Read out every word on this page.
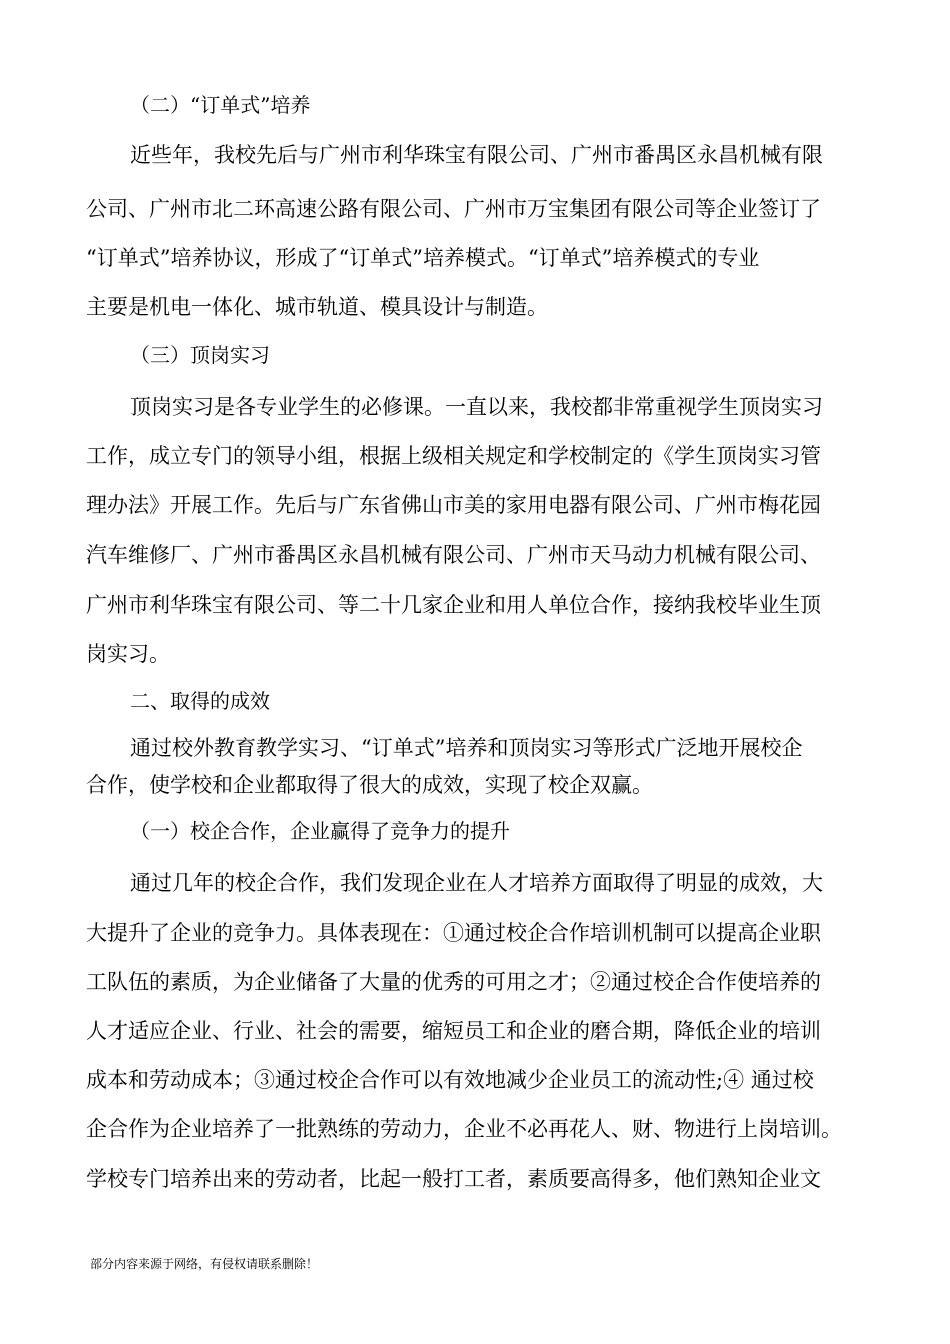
（二）“订单式”培养
近些年，我校先后与广州市利华珠宝有限公司、广州市番禺区永昌机械有限
公司、广州市北二环高速公路有限公司、广州市万宝集团有限公司等企业签订了
“订单式”培养协议，形成了“订单式”培养模式。“订单式”培养模式的专业
主要是机电一体化、城市轨道、模具设计与制造。
（三）顶岗实习
顶岗实习是各专业学生的必修课。一直以来，我校都非常重视学生顶岗实习
工作，成立专门的领导小组，根据上级相关规定和学校制定的《学生顶岗实习管
理办法》开展工作。先后与广东省佛山市美的家用电器有限公司、广州市梅花园
汽车维修厂、广州市番禺区永昌机械有限公司、广州市天马动力机械有限公司、
广州市利华珠宝有限公司、等二十几家企业和用人单位合作，接纳我校毕业生顶
岗实习。
二、取得的成效
通过校外教育教学实习、“订单式”培养和顶岗实习等形式广泛地开展校企
合作，使学校和企业都取得了很大的成效，实现了校企双赢。
（一）校企合作，企业赢得了竞争力的提升
通过几年的校企合作，我们发现企业在人才培养方面取得了明显的成效，大
大提升了企业的竞争力。具体表现在：①通过校企合作培训机制可以提高企业职
工队伍的素质，为企业储备了大量的优秀的可用之才；②通过校企合作使培养的
人才适应企业、行业、社会的需要，缩短员工和企业的磨合期，降低企业的培训
成本和劳动成本；③通过校企合作可以有效地减少企业员工的流动性;④ 通过校
企合作为企业培养了一批熟练的劳动力，企业不必再花人、财、物进行上岗培训。
学校专门培养出来的劳动者，比起一般打工者，素质要高得多，他们熟知企业文
部分内容来源于网络，有侵权请联系删除！
